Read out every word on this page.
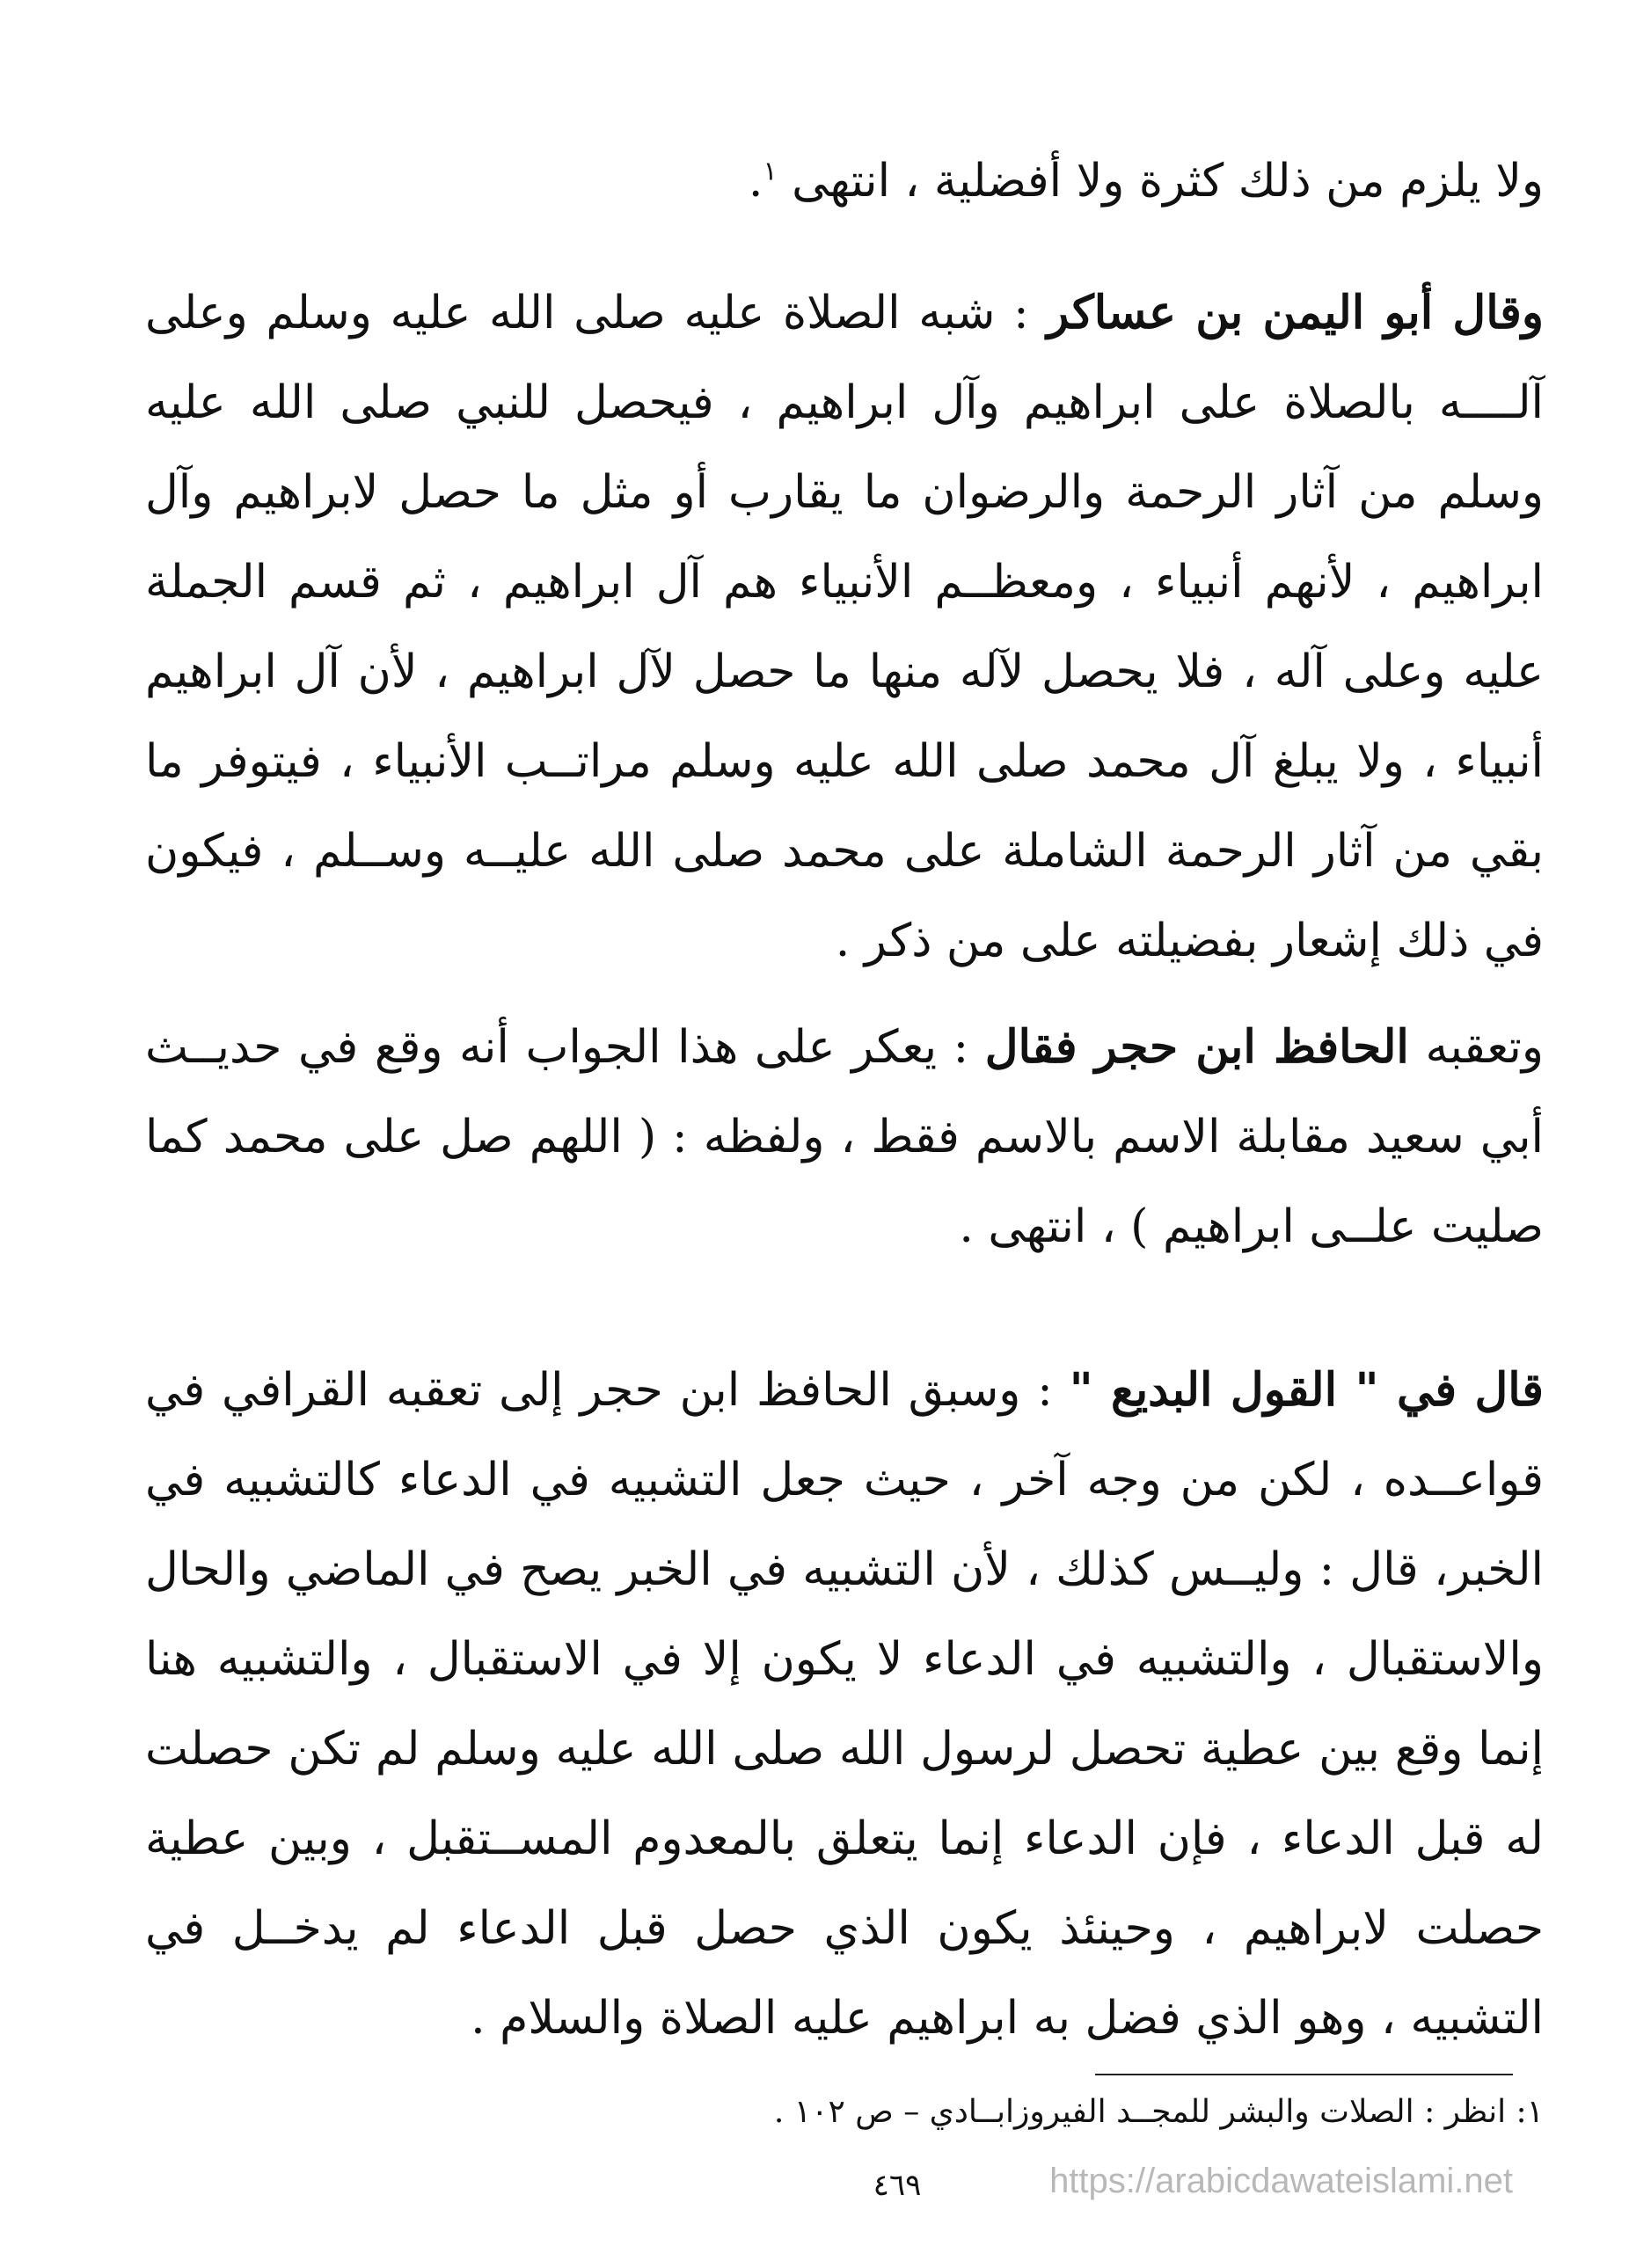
ولا يلزم من ذلك كثرة ولا أفضلية ، انتهى $^١$.

وقال أبو اليمن بن عساكر : شبه الصلاة عليه صلى الله عليه وسلم وعلى آلــــه بالصلاة على ابراهيم وآل ابراهيم ، فيحصل للنبي صلى الله عليه وسلم من آثار الرحمة والرضوان ما يقارب أو مثل ما حصل لابراهيم وآل ابراهيم ، لأنهم أنبياء ، ومعظــم الأنبياء هم آل ابراهيم ، ثم قسم الجملة عليه وعلى آله ، فلا يحصل لآله منها ما حصل لآل ابراهيم ، لأن آل ابراهيم أنبياء ، ولا يبلغ آل محمد صلى الله عليه وسلم مراتــب الأنبياء ، فيتوفر ما بقي من آثار الرحمة الشاملة على محمد صلى الله عليــه وســلم ، فيكون في ذلك إشعار بفضيلته على من ذكر .

وتعقبه الحافظ ابن حجر فقال : يعكر على هذا الجواب أنه وقع في حديــث أبي سعيد مقابلة الاسم بالاسم فقط ، ولفظه : ( اللهم صل على محمد كما صليت علــى ابراهيم ) ، انتهى .

قال في " القول البديع " : وسبق الحافظ ابن حجر إلى تعقبه القرافي في قواعــده ، لكن من وجه آخر ، حيث جعل التشبيه في الدعاء كالتشبيه في الخبر، قال : وليــس كذلك ، لأن التشبيه في الخبر يصح في الماضي والحال والاستقبال ، والتشبيه في الدعاء لا يكون إلا في الاستقبال ، والتشبيه هنا إنما وقع بين عطية تحصل لرسول الله صلى الله عليه وسلم لم تكن حصلت له قبل الدعاء ، فإن الدعاء إنما يتعلق بالمعدوم المســتقبل ، وبين عطية حصلت لابراهيم ، وحينئذ يكون الذي حصل قبل الدعاء لم يدخــل في التشبيه ، وهو الذي فضل به ابراهيم عليه الصلاة والسلام .

١: انظر : الصلات والبشر للمجــد الفيروزابــادي – ص ١٠٢ .
٤٦٩	https://arabicdawateislami.net
